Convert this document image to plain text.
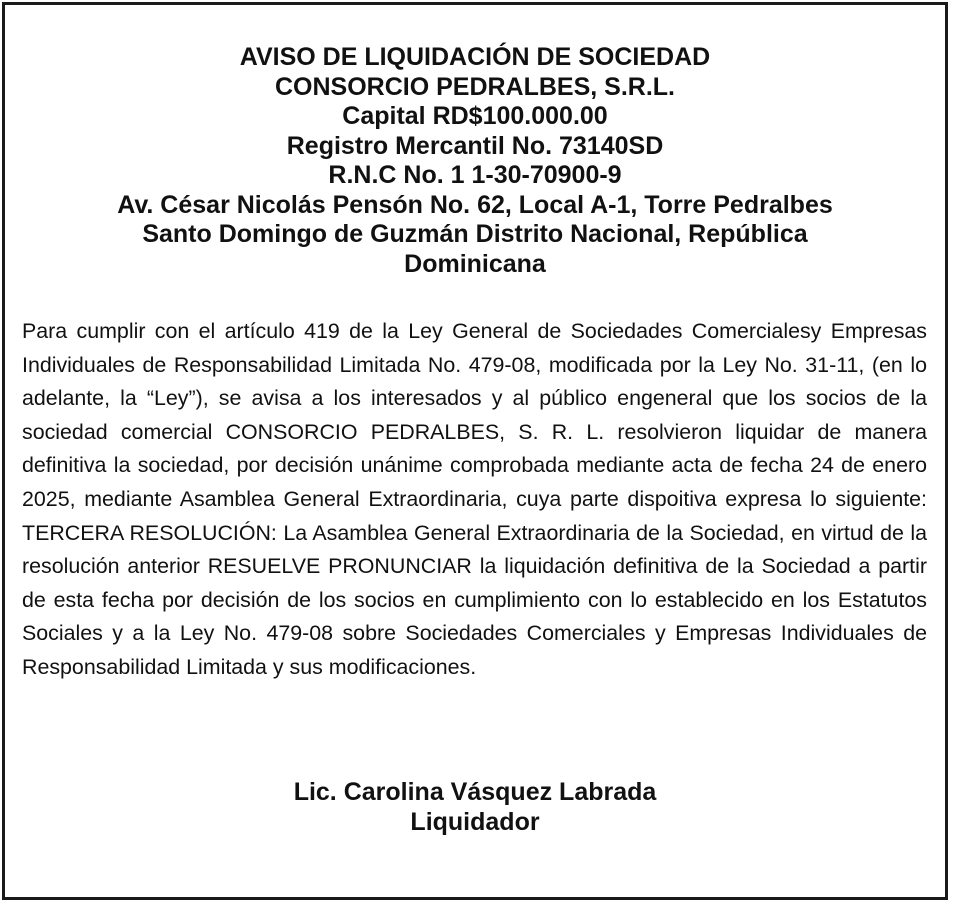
AVISO DE LIQUIDACIÓN DE SOCIEDAD
CONSORCIO PEDRALBES, S.R.L.
Capital RD$100.000.00
Registro Mercantil No. 73140SD
R.N.C No. 1 1-30-70900-9
Av. César Nicolás Pensón No. 62, Local A-1, Torre Pedralbes
Santo Domingo de Guzmán Distrito Nacional, República
Dominicana

Para cumplir con el artículo 419 de la Ley General de Sociedades Comercialesy Empresas Individuales de Responsabilidad Limitada No. 479-08, modificada por la Ley No. 31-11, (en lo adelante, la “Ley”), se avisa a los interesados y al público engeneral que los socios de la sociedad comercial CONSORCIO PEDRALBES, S. R. L. resolvieron liquidar de manera definitiva la sociedad, por decisión unánime comprobada mediante acta de fecha 24 de enero 2025, mediante Asamblea General Extraordinaria, cuya parte dispoitiva expresa lo siguiente: TERCERA RESOLUCIÓN: La Asamblea General Extraordinaria de la Sociedad, en virtud de la resolución anterior RESUELVE PRONUNCIAR la liquidación definitiva de la Sociedad a partir de esta fecha por decisión de los socios en cumplimiento con lo establecido en los Estatutos Sociales y a la Ley No. 479-08 sobre Sociedades Comerciales y Empresas Individuales de Responsabilidad Limitada y sus modificaciones.

Lic. Carolina Vásquez Labrada
Liquidador
